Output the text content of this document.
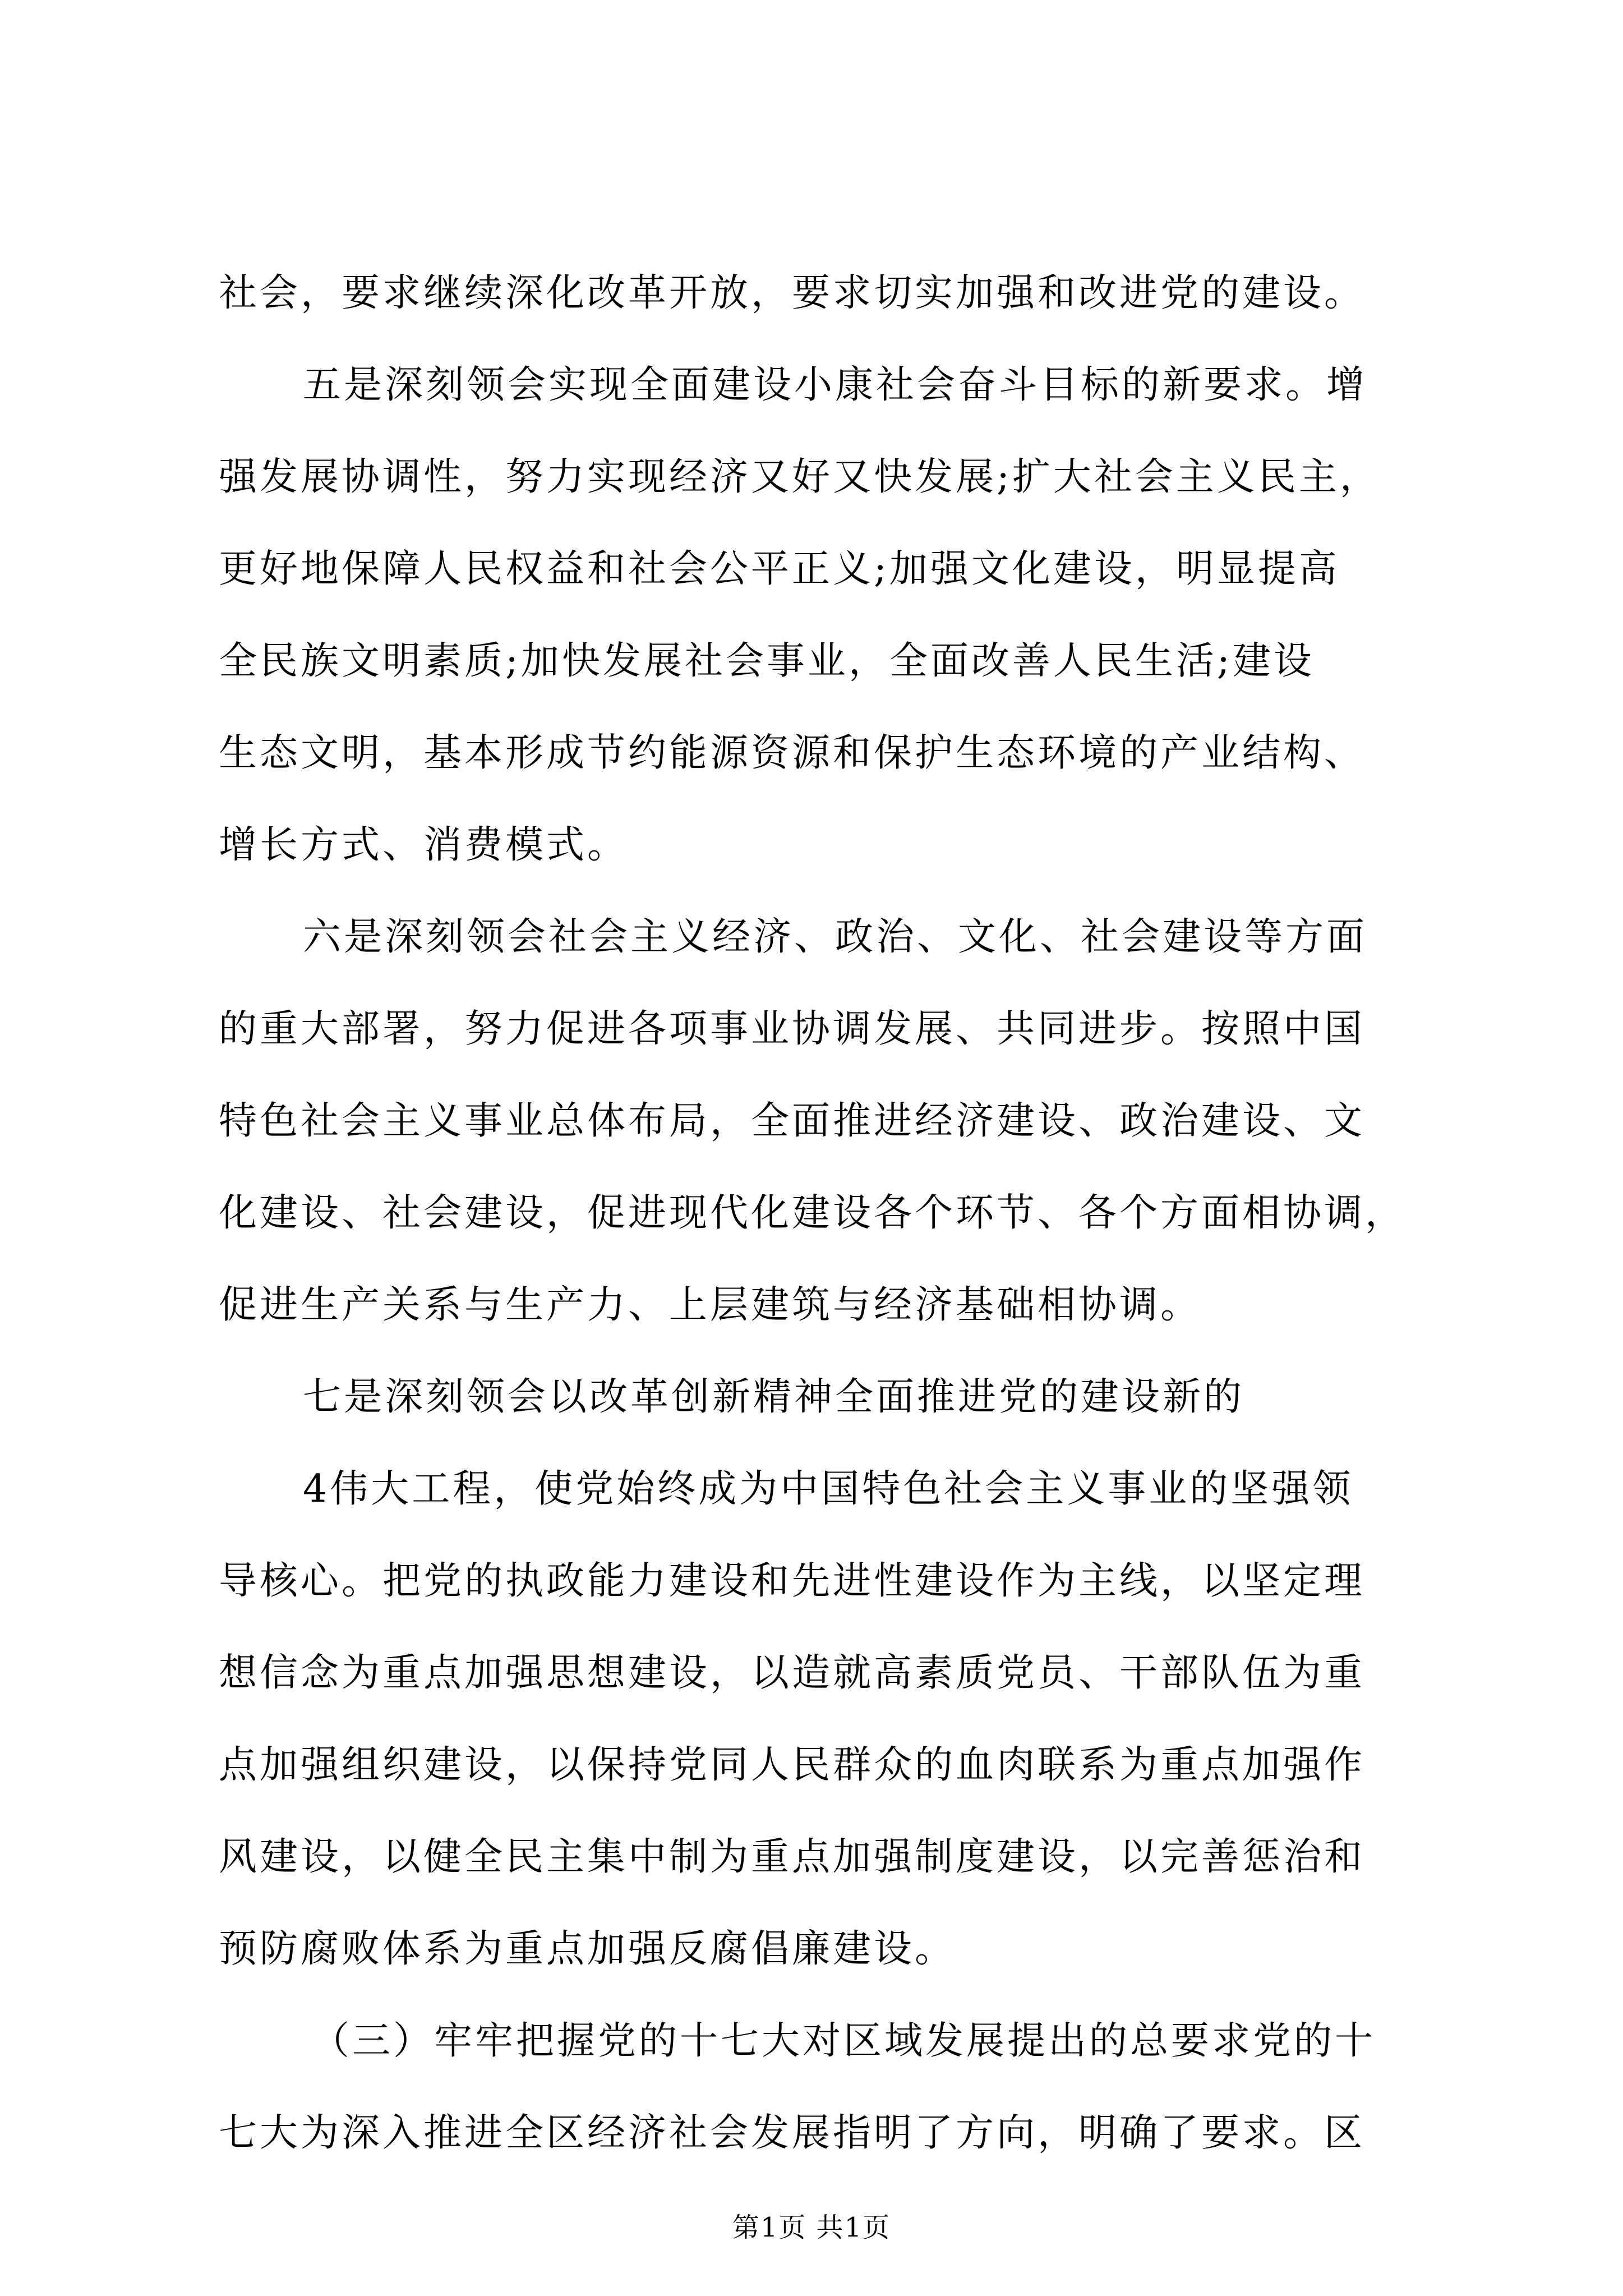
社会，要求继续深化改革开放，要求切实加强和改进党的建设。
五是深刻领会实现全面建设小康社会奋斗目标的新要求。增
强发展协调性，努力实现经济又好又快发展;扩大社会主义民主，
更好地保障人民权益和社会公平正义;加强文化建设，明显提高
全民族文明素质;加快发展社会事业，全面改善人民生活;建设
生态文明，基本形成节约能源资源和保护生态环境的产业结构、
增长方式、消费模式。
六是深刻领会社会主义经济、政治、文化、社会建设等方面
的重大部署，努力促进各项事业协调发展、共同进步。按照中国
特色社会主义事业总体布局，全面推进经济建设、政治建设、文
化建设、社会建设，促进现代化建设各个环节、各个方面相协调，
促进生产关系与生产力、上层建筑与经济基础相协调。
七是深刻领会以改革创新精神全面推进党的建设新的
4伟大工程，使党始终成为中国特色社会主义事业的坚强领
导核心。把党的执政能力建设和先进性建设作为主线，以坚定理
想信念为重点加强思想建设，以造就高素质党员、干部队伍为重
点加强组织建设，以保持党同人民群众的血肉联系为重点加强作
风建设，以健全民主集中制为重点加强制度建设，以完善惩治和
预防腐败体系为重点加强反腐倡廉建设。
（三）牢牢把握党的十七大对区域发展提出的总要求党的十
七大为深入推进全区经济社会发展指明了方向，明确了要求。区
第1页 共1页
